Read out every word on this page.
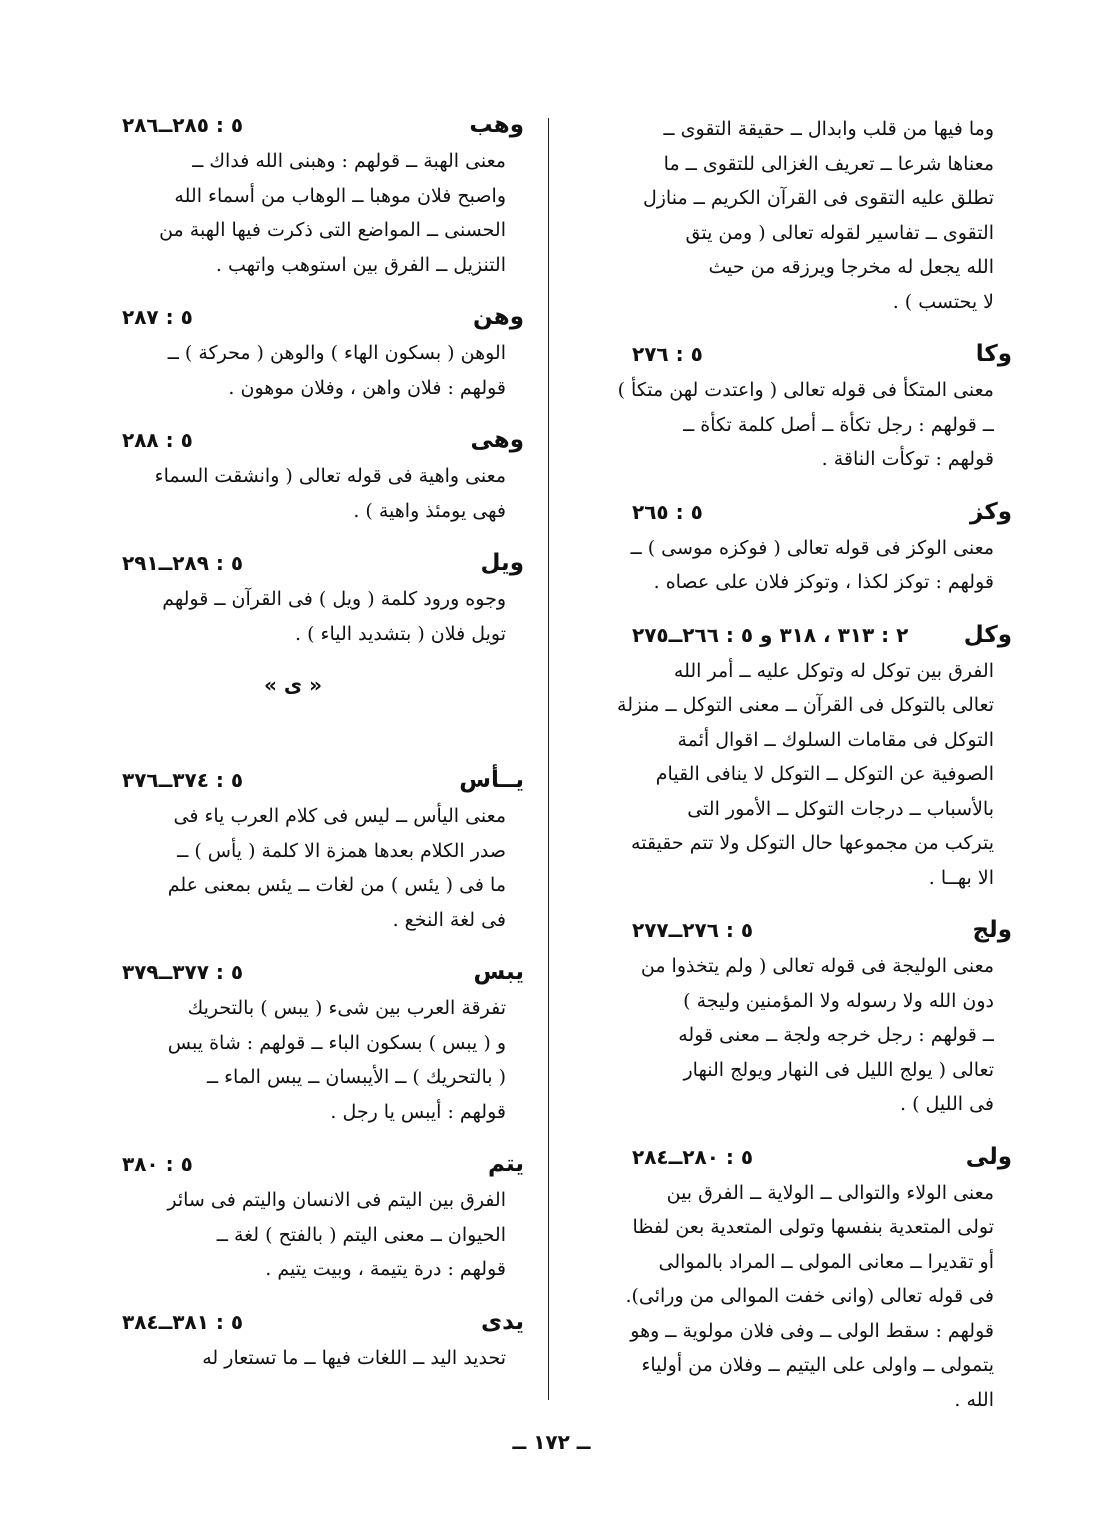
وما فيها من قلب وابدال ــ حقيقة التقوى ــ
معناها شرعا ــ تعريف الغزالى للتقوى ــ ما
تطلق عليه التقوى فى القرآن الكريم ــ منازل
التقوى ــ تفاسير لقوله تعالى ( ومن يتق
الله يجعل له مخرجا ويرزقه من حيث
لا يحتسب ) .
وكا
٥ : ٢٧٦
معنى المتكأ فى قوله تعالى ( واعتدت لهن متكأ )
ــ قولهم : رجل تكأة ــ أصل كلمة تكأة ــ
قولهم : توكأت الناقة .
وكز
٥ : ٢٦٥
معنى الوكز فى قوله تعالى ( فوكزه موسى ) ــ
قولهم : توكز لكذا ، وتوكز فلان على عصاه .
وكل
٢ : ٣١٣ ، ٣١٨ و ٥ : ٢٦٦ــ٢٧٥
الفرق بين توكل له وتوكل عليه ــ أمر الله
تعالى بالتوكل فى القرآن ــ معنى التوكل ــ منزلة
التوكل فى مقامات السلوك ــ اقوال أئمة
الصوفية عن التوكل ــ التوكل لا ينافى القيام
بالأسباب ــ درجات التوكل ــ الأمور التى
يتركب من مجموعها حال التوكل ولا تتم حقيقته
الا بهــا .
ولج
٥ : ٢٧٦ــ٢٧٧
معنى الوليجة فى قوله تعالى ( ولم يتخذوا من
دون الله ولا رسوله ولا المؤمنين وليجة )
ــ قولهم : رجل خرجه ولجة ــ معنى قوله
تعالى ( يولج الليل فى النهار ويولج النهار
فى الليل ) .
ولى
٥ : ٢٨٠ــ٢٨٤
معنى الولاء والتوالى ــ الولاية ــ الفرق بين
تولى المتعدية بنفسها وتولى المتعدية بعن لفظا
أو تقديرا ــ معانى المولى ــ المراد بالموالى
فى قوله تعالى (وانى خفت الموالى من ورائى).
قولهم : سقط الولى ــ وفى فلان مولوية ــ وهو
يتمولى ــ واولى على اليتيم ــ وفلان من أولياء
الله .
وهب
٥ : ٢٨٥ــ٢٨٦
معنى الهبة ــ قولهم : وهبنى الله فداك ــ
واصبح فلان موهبا ــ الوهاب من أسماء الله
الحسنى ــ المواضع التى ذكرت فيها الهبة من
التنزيل ــ الفرق بين استوهب واتهب .
وهن
٥ : ٢٨٧
الوهن ( بسكون الهاء ) والوهن ( محركة ) ــ
قولهم : فلان واهن ، وفلان موهون .
وهى
٥ : ٢٨٨
معنى واهية فى قوله تعالى ( وانشقت السماء
فهى يومئذ واهية ) .
ويل
٥ : ٢٨٩ــ٢٩١
وجوه ورود كلمة ( ويل ) فى القرآن ــ قولهم
تويل فلان ( بتشديد الياء ) .
« ى »
يــأس
٥ : ٣٧٤ــ٣٧٦
معنى اليأس ــ ليس فى كلام العرب ياء فى
صدر الكلام بعدها همزة الا كلمة ( يأس ) ــ
ما فى ( يئس ) من لغات ــ يئس بمعنى علم
فى لغة النخع .
يبس
٥ : ٣٧٧ــ٣٧٩
تفرقة العرب بين شىء ( يبس ) بالتحريك
و ( يبس ) بسكون الباء ــ قولهم : شاة يبس
( بالتحريك ) ــ الأيبسان ــ يبس الماء ــ
قولهم : أيبس يا رجل .
يتم
٥ : ٣٨٠
الفرق بين اليتم فى الانسان واليتم فى سائر
الحيوان ــ معنى اليتم ( بالفتح ) لغة ــ
قولهم : درة يتيمة ، وبيت يتيم .
يدى
٥ : ٣٨١ــ٣٨٤
تحديد اليد ــ اللغات فيها ــ ما تستعار له
ــ ١٧٢ ــ
